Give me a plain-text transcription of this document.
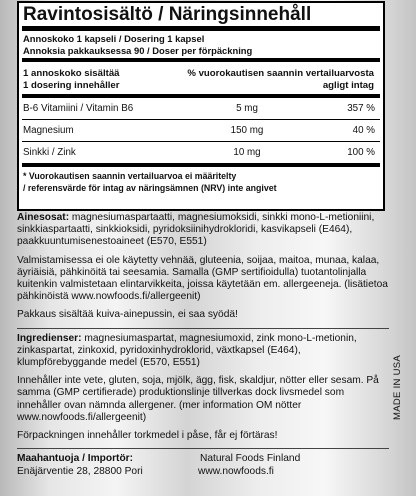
Ravintosisältö / Näringsinnehåll
Annoskoko 1 kapseli / Dosering 1 kapsel
Annoksia pakkauksessa 90 / Doser per förpäckning
1 annoskoko sisältää
1 dosering innehåller
% vuorokautisen saannin vertailuarvosta
agligt intag
B-6 Vitamiini / Vitamin B6	5 mg	357 %
Magnesium	150 mg	40 %
Sinkki / Zink	10 mg	100 %
* Vuorokautisen saannin vertailuarvoa ei määritelty
/ referensvärde för intag av näringsämnen (NRV) inte angivet

Ainesosat: magnesiumaspartaatti, magnesiumoksidi, sinkki mono-L-metioniini, sinkkiaspartaatti, sinkkioksidi, pyridoksiinihydrokloridi, kasvikapseli (E464), paakkuuntumisenestoaineet (E570, E551)

Valmistamisessa ei ole käytetty vehnää, gluteenia, soijaa, maitoa, munaa, kalaa, äyriäisiä, pähkinöitä tai seesamia. Samalla (GMP sertifioidulla) tuotantolinjalla kuitenkin valmistetaan elintarvikkeita, joissa käytetään em. allergeeneja. (lisätietoa pähkinöistä www.nowfoods.fi/allergeenit)

Pakkaus sisältää kuiva-ainepussin, ei saa syödä!

Ingredienser: magnesiumaspartat, magnesiumoxid, zink mono-L-metionin, zinkaspartat, zinkoxid, pyridoxinhydroklorid, växtkapsel (E464), klumpförebyggande medel (E570, E551)

Innehåller inte vete, gluten, soja, mjölk, ägg, fisk, skaldjur, nötter eller sesam. På samma (GMP certifierade) produktionslinje tillverkas dock livsmedel som innehåller ovan nämnda allergener. (mer information OM nötter www.nowfoods.fi/allergeenit)

Förpackningen innehåller torkmedel i påse, får ej förtäras!

Maahantuoja / Importör:	Natural Foods Finland
Enäjärventie 28, 28800 Pori	www.nowfoods.fi
MADE IN USA
